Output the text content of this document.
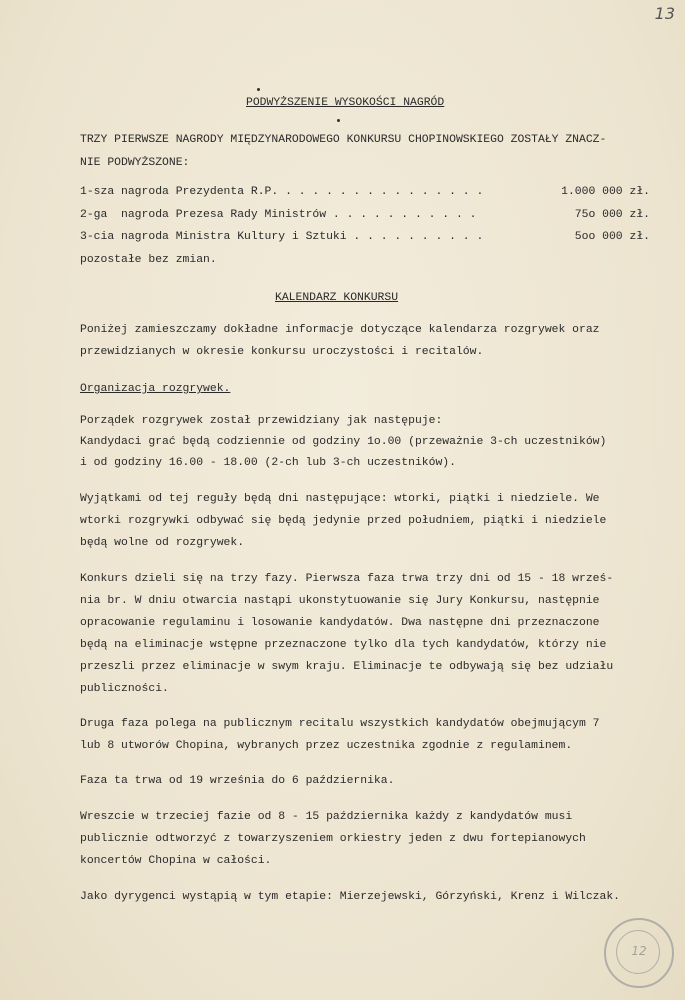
13
PODWYŻSZENIE WYSOKOŚCI NAGRÓD
TRZY PIERWSZE NAGRODY MIĘDZYNARODOWEGO KONKURSU CHOPINOWSKIEGO ZOSTAŁY ZNACZ-
NIE PODWYŻSZONE:
1-sza nagroda Prezydenta R.P. . . . . . . . . . . . . . . .	1.000 000 zł.
2-ga  nagroda Prezesa Rady Ministrów . . . . . . . . . . .	75o 000 zł.
3-cia nagroda Ministra Kultury i Sztuki . . . . . . . . . .	5oo 000 zł.
pozostałe bez zmian.
KALENDARZ KONKURSU
Poniżej zamieszczamy dokładne informacje dotyczące kalendarza rozgrywek oraz
przewidzianych w okresie konkursu uroczystości i recitalów.
Organizacja rozgrywek.
Porządek rozgrywek został przewidziany jak następuje:
Kandydaci grać będą codziennie od godziny 1o.00 (przeważnie 3-ch uczestników)
i od godziny 16.00 - 18.00 (2-ch lub 3-ch uczestników).
Wyjątkami od tej reguły będą dni następujące: wtorki, piątki i niedziele. We
wtorki rozgrywki odbywać się będą jedynie przed południem, piątki i niedziele
będą wolne od rozgrywek.
Konkurs dzieli się na trzy fazy. Pierwsza faza trwa trzy dni od 15 - 18 wrześ-
nia br. W dniu otwarcia nastąpi ukonstytuowanie się Jury Konkursu, następnie
opracowanie regulaminu i losowanie kandydatów. Dwa następne dni przeznaczone
będą na eliminacje wstępne przeznaczone tylko dla tych kandydatów, którzy nie
przeszli przez eliminacje w swym kraju. Eliminacje te odbywają się bez udziału
publiczności.
Druga faza polega na publicznym recitalu wszystkich kandydatów obejmującym 7
lub 8 utworów Chopina, wybranych przez uczestnika zgodnie z regulaminem.
Faza ta trwa od 19 września do 6 października.
Wreszcie w trzeciej fazie od 8 - 15 października każdy z kandydatów musi
publicznie odtworzyć z towarzyszeniem orkiestry jeden z dwu fortepianowych
koncertów Chopina w całości.
Jako dyrygenci wystąpią w tym etapie: Mierzejewski, Górzyński, Krenz i Wilczak.
12
